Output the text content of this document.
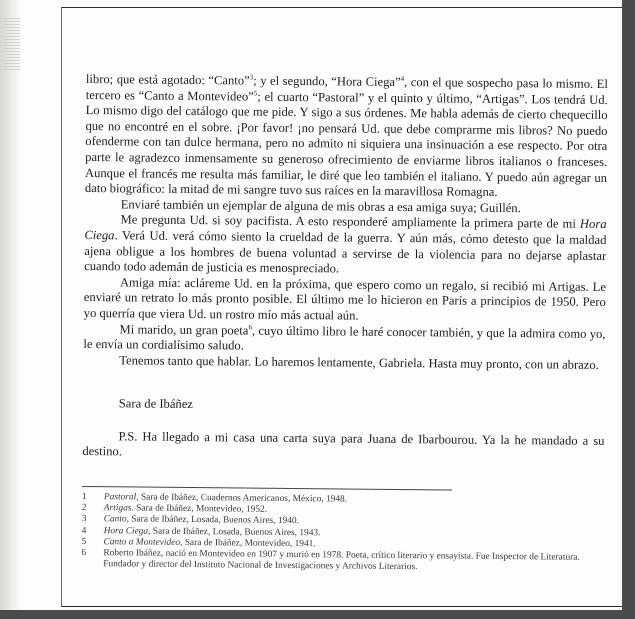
libro; que está agotado: “Canto”$^3$; y el segundo, “Hora Ciega”$^4$, con el que sospecho pasa lo mismo. El tercero es “Canto a Montevideo”$^5$; el cuarto “Pastoral” y el quinto y último, “Artigas”. Los tendrá Ud. Lo mismo digo del catálogo que me pide. Y sigo a sus órdenes. Me habla además de cierto chequecillo que no encontré en el sobre. ¡Por favor! ¡no pensará Ud. que debe comprarme mis libros? No puedo ofenderme con tan dulce hermana, pero no admito ni siquiera una insinuación a ese respecto. Por otra parte le agradezco inmensamente su generoso ofrecimiento de enviarme libros italianos o franceses. Aunque el francés me resulta más familiar, le diré que leo también el italiano. Y puedo aún agregar un dato biográfico: la mitad de mi sangre tuvo sus raíces en la maravillosa Romagna.

Enviaré también un ejemplar de alguna de mis obras a esa amiga suya; Guillén.

Me pregunta Ud. si soy pacifista. A esto responderé ampliamente la primera parte de mi Hora Ciega. Verá Ud. verá cómo siento la crueldad de la guerra. Y aún más, cómo detesto que la maldad ajena obligue a los hombres de buena voluntad a servirse de la violencia para no dejarse aplastar cuando todo ademán de justicia es menospreciado.

Amiga mía: acláreme Ud. en la próxima, que espero como un regalo, si recibió mi Artigas. Le enviaré un retrato lo más pronto posible. El último me lo hicieron en París a principios de 1950. Pero yo querría que viera Ud. un rostro mío más actual aún.

Mi marido, un gran poeta$^6$, cuyo último libro le haré conocer también, y que la admira como yo, le envía un cordialísimo saludo.

Tenemos tanto que hablar. Lo haremos lentamente, Gabriela. Hasta muy pronto, con un abrazo.

Sara de Ibáñez

P.S. Ha llegado a mi casa una carta suya para Juana de Ibarbourou. Ya la he mandado a su destino.

1	Pastoral, Sara de Ibáñez, Cuadernos Americanos, México, 1948.
2	Artigas. Sara de Ibáñez, Montevideo, 1952.
3	Canto, Sara de Ibáñez, Losada, Buenos Aires, 1940.
4	Hora Ciega, Sara de Ibáñez, Losada, Buenos Aires, 1943.
5	Canto a Montevideo, Sara de Ibáñez, Montevideo, 1941.
6	Roberto Ibáñez, nació en Montevideo en 1907 y murió en 1978. Poeta, crítico literario y ensayista. Fue Inspector de Literatura. Fundador y director del Instituto Nacional de Investigaciones y Archivos Literarios.
